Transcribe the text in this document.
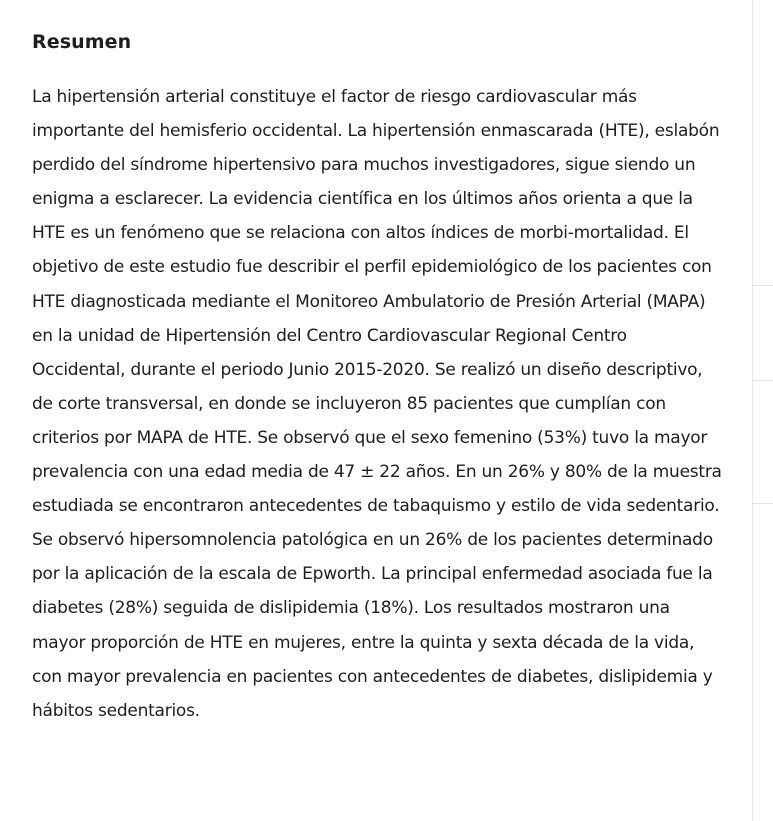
Resumen

La hipertensión arterial constituye el factor de riesgo cardiovascular más importante del hemisferio occidental. La hipertensión enmascarada (HTE), eslabón perdido del síndrome hipertensivo para muchos investigadores, sigue siendo un enigma a esclarecer. La evidencia científica en los últimos años orienta a que la HTE es un fenómeno que se relaciona con altos índices de morbi-mortalidad. El objetivo de este estudio fue describir el perfil epidemiológico de los pacientes con HTE diagnosticada mediante el Monitoreo Ambulatorio de Presión Arterial (MAPA) en la unidad de Hipertensión del Centro Cardiovascular Regional Centro Occidental, durante el periodo Junio 2015-2020. Se realizó un diseño descriptivo, de corte transversal, en donde se incluyeron 85 pacientes que cumplían con criterios por MAPA de HTE. Se observó que el sexo femenino (53%) tuvo la mayor prevalencia con una edad media de 47 ± 22 años. En un 26% y 80% de la muestra estudiada se encontraron antecedentes de tabaquismo y estilo de vida sedentario. Se observó hipersomnolencia patológica en un 26% de los pacientes determinado por la aplicación de la escala de Epworth. La principal enfermedad asociada fue la diabetes (28%) seguida de dislipidemia (18%). Los resultados mostraron una mayor proporción de HTE en mujeres, entre la quinta y sexta década de la vida, con mayor prevalencia en pacientes con antecedentes de diabetes, dislipidemia y hábitos sedentarios.
